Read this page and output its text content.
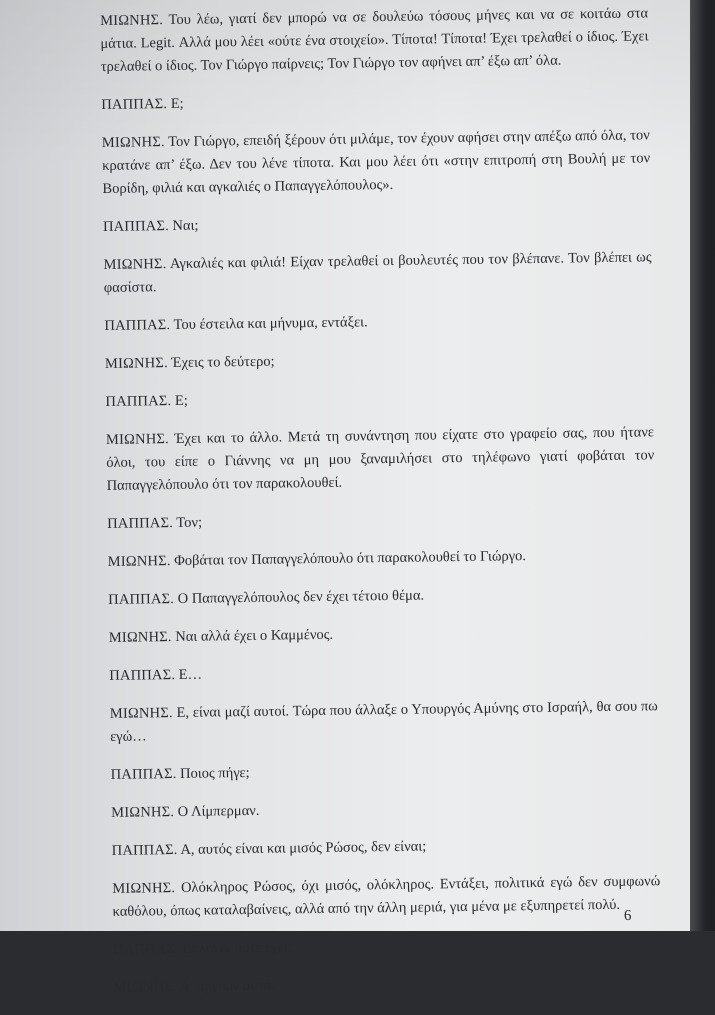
ΜΙΩΝΗΣ. Του λέω, γιατί δεν μπορώ να σε δουλεύω τόσους μήνες και να σε κοιτάω στα μάτια. Legit. Αλλά μου λέει «ούτε ένα στοιχείο». Τίποτα! Τίποτα! Έχει τρελαθεί ο ίδιος. Έχει τρελαθεί ο ίδιος. Τον Γιώργο παίρνεις; Τον Γιώργο τον αφήνει απ’ έξω απ’ όλα.

ΠΑΠΠΑΣ. Ε;

ΜΙΩΝΗΣ. Τον Γιώργο, επειδή ξέρουν ότι μιλάμε, τον έχουν αφήσει στην απέξω από όλα, τον κρατάνε απ’ έξω. Δεν του λένε τίποτα. Και μου λέει ότι «στην επιτροπή στη Βουλή με τον Βορίδη, φιλιά και αγκαλιές ο Παπαγγελόπουλος».

ΠΑΠΠΑΣ. Ναι;

ΜΙΩΝΗΣ. Αγκαλιές και φιλιά! Είχαν τρελαθεί οι βουλευτές που τον βλέπανε. Τον βλέπει ως φασίστα.

ΠΑΠΠΑΣ. Του έστειλα και μήνυμα, εντάξει.

ΜΙΩΝΗΣ. Έχεις το δεύτερο;

ΠΑΠΠΑΣ. Ε;

ΜΙΩΝΗΣ. Έχει και το άλλο. Μετά τη συνάντηση που είχατε στο γραφείο σας, που ήτανε όλοι, του είπε ο Γιάννης να μη μου ξαναμιλήσει στο τηλέφωνο γιατί φοβάται τον Παπαγγελόπουλο ότι τον παρακολουθεί.

ΠΑΠΠΑΣ. Τον;

ΜΙΩΝΗΣ. Φοβάται τον Παπαγγελόπουλο ότι παρακολουθεί το Γιώργο.

ΠΑΠΠΑΣ. Ο Παπαγγελόπουλος δεν έχει τέτοιο θέμα.

ΜΙΩΝΗΣ. Ναι αλλά έχει ο Καμμένος.

ΠΑΠΠΑΣ. Ε…

ΜΙΩΝΗΣ. Ε, είναι μαζί αυτοί. Τώρα που άλλαξε ο Υπουργός Αμύνης στο Ισραήλ, θα σου πω εγώ…

ΠΑΠΠΑΣ. Ποιος πήγε;

ΜΙΩΝΗΣ. Ο Λίμπερμαν.

ΠΑΠΠΑΣ. Α, αυτός είναι και μισός Ρώσος, δεν είναι;

ΜΙΩΝΗΣ. Ολόκληρος Ρώσος, όχι μισός, ολόκληρος. Εντάξει, πολιτικά εγώ δεν συμφωνώ καθόλου, όπως καταλαβαίνεις, αλλά από την άλλη μεριά, για μένα με εξυπηρετεί πολύ.

ΠΑΠΠΑΣ. Εκλογές πότε έχει;

ΜΙΩΝΗΣ. Α, αργούν αυτά.

6
